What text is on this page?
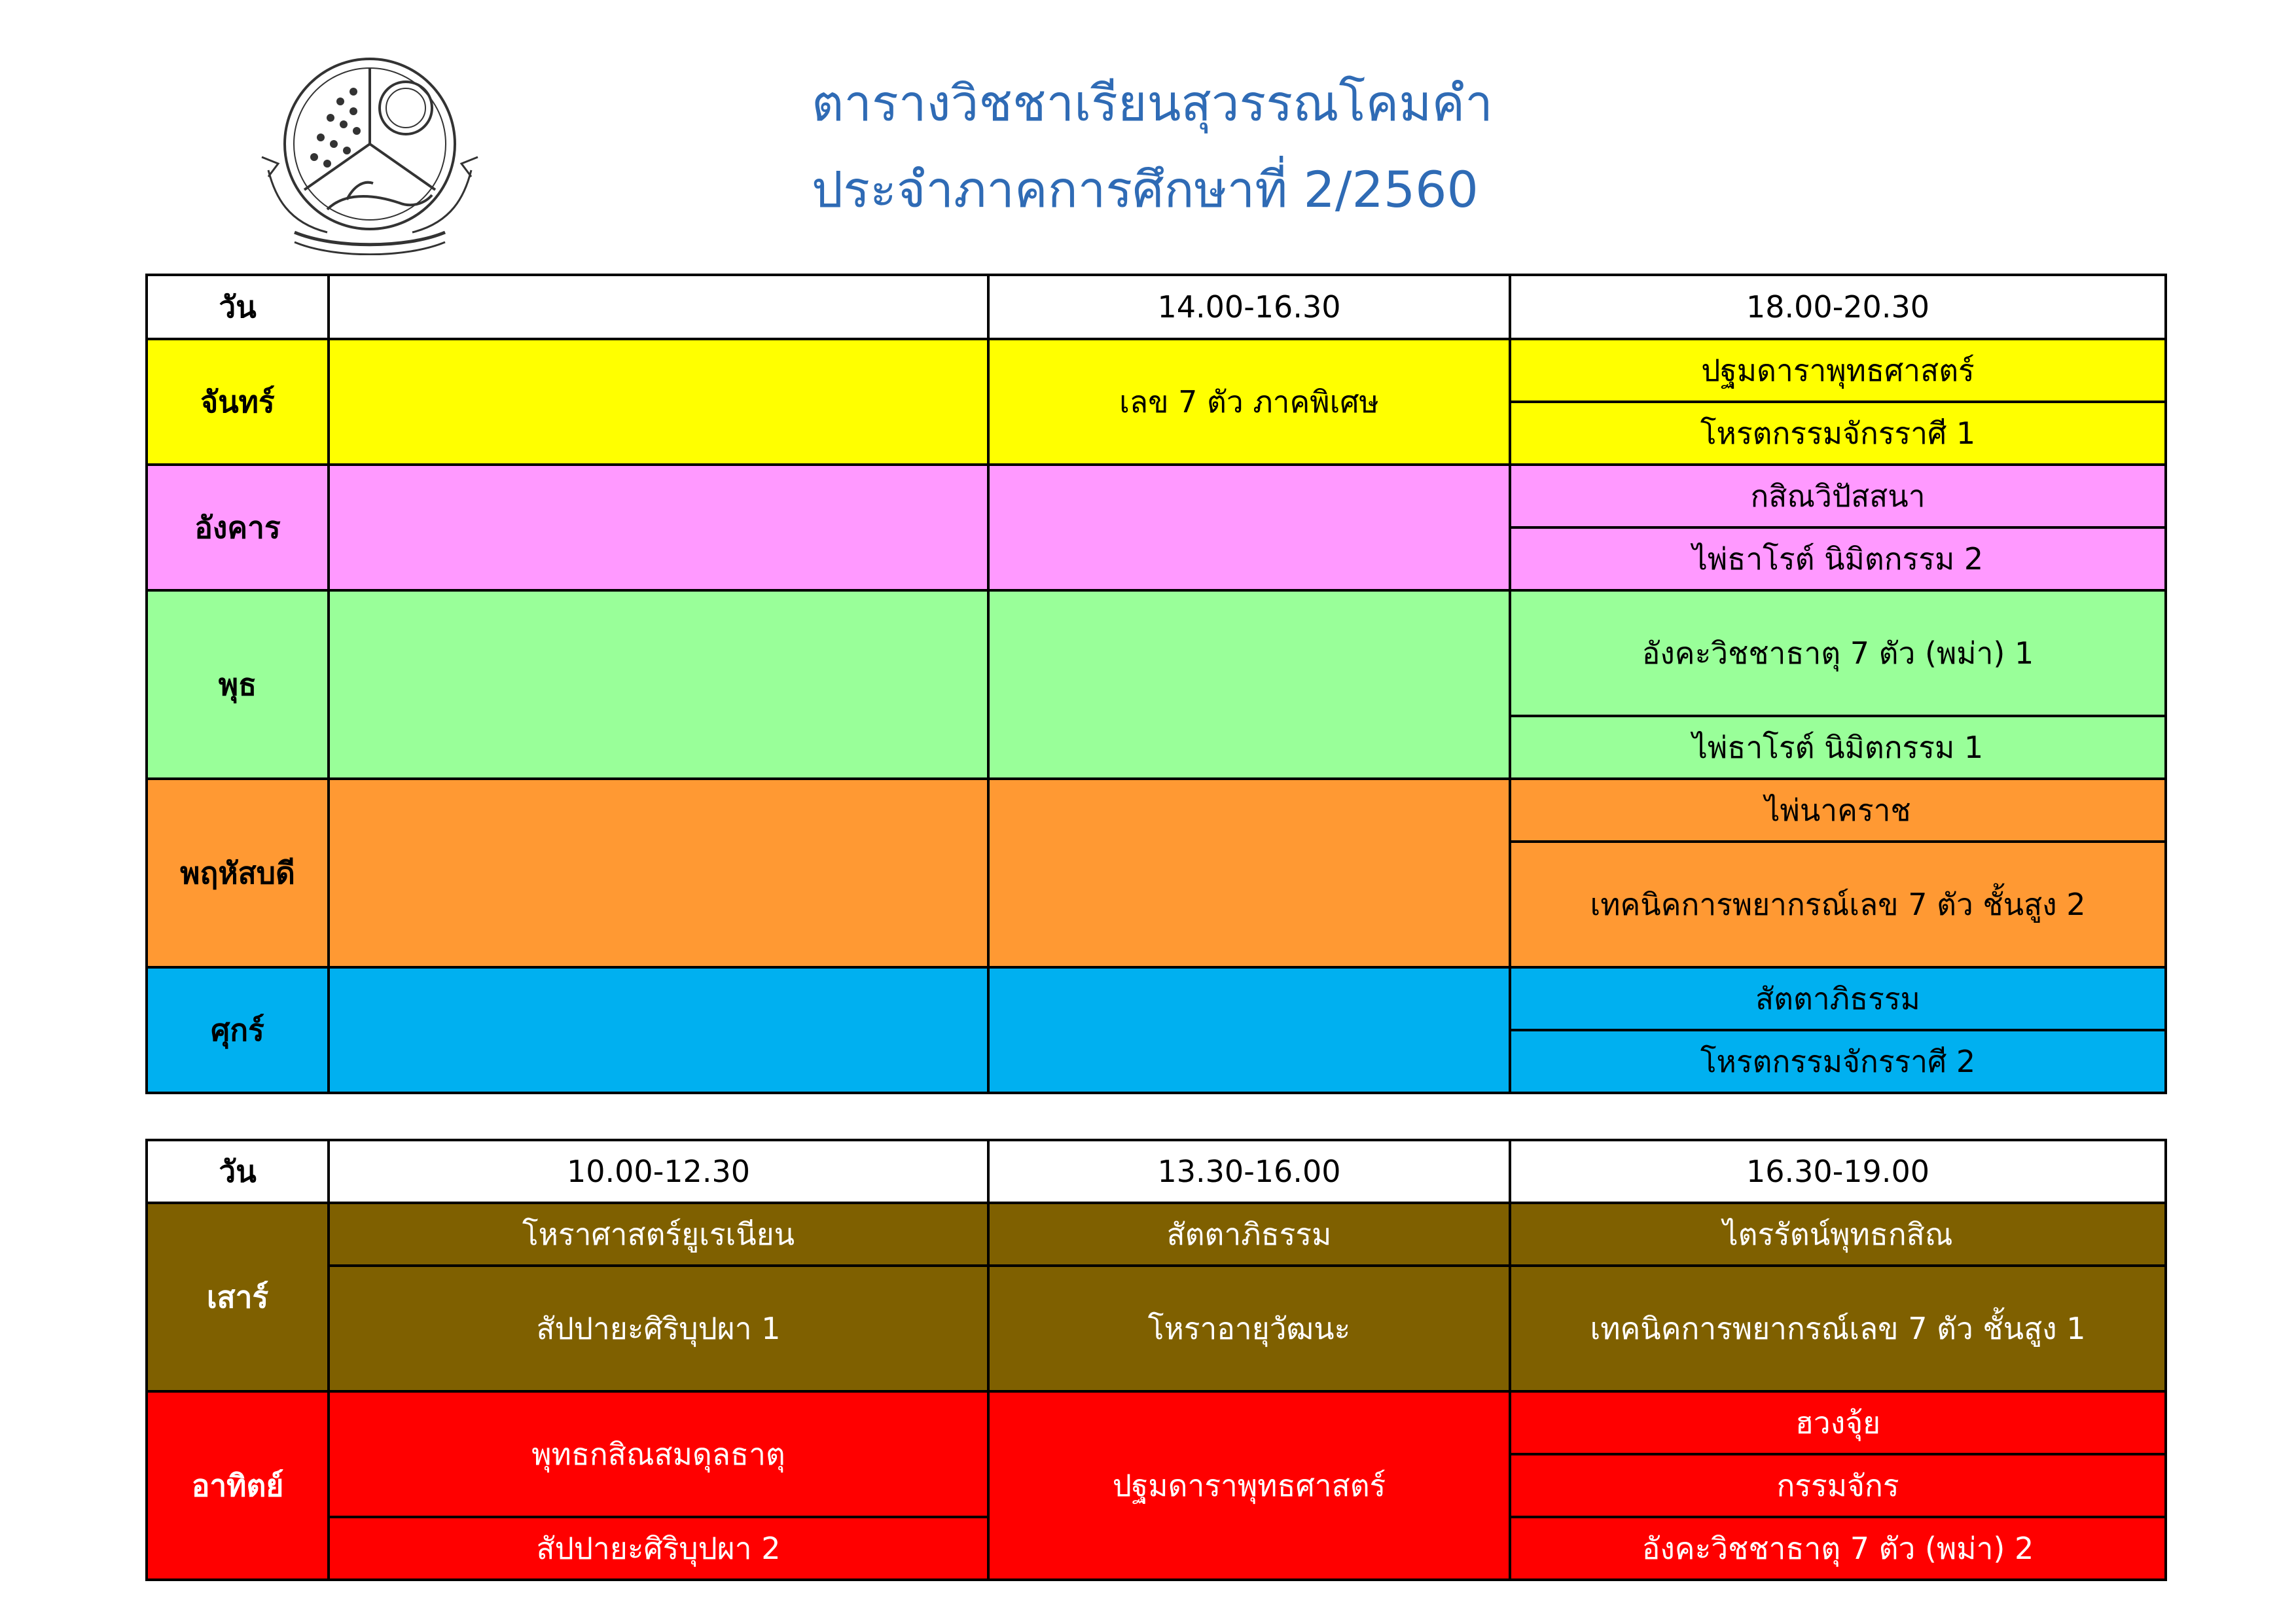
ตารางวิชชาเรียนสุวรรณโคมคำ
ประจำภาคการศึกษาที่ 2/2560
วัน		14.00-16.30	18.00-20.30
จันทร์		เลข 7 ตัว ภาคพิเศษ	ปฐมดาราพุทธศาสตร์
			โหรตกรรมจักรราศี 1
อังคาร			กสิณวิปัสสนา
			ไพ่ธาโรต์ นิมิตกรรม 2
พุธ			อังคะวิชชาธาตุ 7 ตัว (พม่า) 1
			ไพ่ธาโรต์ นิมิตกรรม 1
พฤหัสบดี			ไพ่นาคราช
			เทคนิคการพยากรณ์เลข 7 ตัว ชั้นสูง 2
ศุกร์			สัตตาภิธรรม
			โหรตกรรมจักรราศี 2
วัน	10.00-12.30	13.30-16.00	16.30-19.00
เสาร์	โหราศาสตร์ยูเรเนียน	สัตตาภิธรรม	ไตรรัตน์พุทธกสิณ
	สัปปายะศิริบุปผา 1	โหราอายุวัฒนะ	เทคนิคการพยากรณ์เลข 7 ตัว ชั้นสูง 1
อาทิตย์	พุทธกสิณสมดุลธาตุ	ปฐมดาราพุทธศาสตร์	ฮวงจุ้ย
			กรรมจักร
	สัปปายะศิริบุปผา 2		อังคะวิชชาธาตุ 7 ตัว (พม่า) 2
